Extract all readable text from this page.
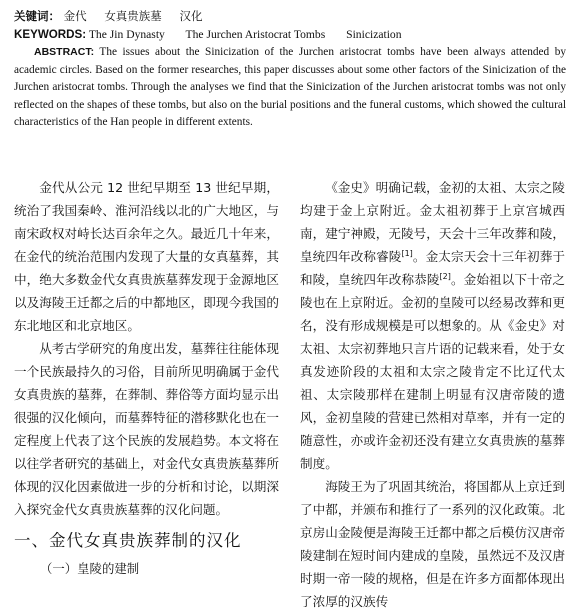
关键词： 金代 女真贵族墓 汉化
KEYWORDS: The Jin Dynasty The Jurchen Aristocrat Tombs Sinicization
ABSTRACT: The issues about the Sinicization of the Jurchen aristocrat tombs have been always attended by academic circles. Based on the former researches, this paper discusses about some other factors of the Sinicization of the Jurchen aristocrat tombs. Through the analyses we find that the Sinicization of the Jurchen aristocrat tombs was not only reflected on the shapes of these tombs, but also on the burial positions and the funeral customs, which showed the cultural characteristics of the Han people in different extents.

金代从公元 12 世纪早期至 13 世纪早期，统治了我国秦岭、淮河沿线以北的广大地区，与南宋政权对峙长达百余年之久。最近几十年来，在金代的统治范围内发现了大量的女真墓葬，其中，绝大多数金代女真贵族墓葬发现于金源地区以及海陵王迁都之后的中都地区，即现今我国的东北地区和北京地区。

从考古学研究的角度出发，墓葬往往能体现一个民族最持久的习俗，目前所见明确属于金代女真贵族的墓葬，在葬制、葬俗等方面均显示出很强的汉化倾向，而墓葬特征的潜移默化也在一定程度上代表了这个民族的发展趋势。本文将在以往学者研究的基础上，对金代女真贵族墓葬所体现的汉化因素做进一步的分析和讨论，以期深入探究金代女真贵族墓葬的汉化问题。

一、金代女真贵族葬制的汉化
（一）皇陵的建制

《金史》明确记载，金初的太祖、太宗之陵均建于金上京附近。金太祖初葬于上京宫城西南，建宁神殿，无陵号，天会十三年改葬和陵，皇统四年改称睿陵[1]。金太宗天会十三年初葬于和陵，皇统四年改称恭陵[2]。金始祖以下十帝之陵也在上京附近。金初的皇陵可以经易改葬和更名，没有形成规模是可以想象的。从《金史》对太祖、太宗初葬地只言片语的记载来看，处于女真发迹阶段的太祖和太宗之陵肯定不比辽代太祖、太宗陵那样在建制上明显有汉唐帝陵的遗风，金初皇陵的营建已然相对草率，并有一定的随意性，亦或许金初还没有建立女真贵族的墓葬制度。

海陵王为了巩固其统治，将国都从上京迁到了中都，并颁布和推行了一系列的汉化政策。北京房山金陵便是海陵王迁都中都之后模仿汉唐帝陵建制在短时间内建成的皇陵，虽然远不及汉唐时期一帝一陵的规格，但是在许多方面都体现出了浓厚的汉族传
